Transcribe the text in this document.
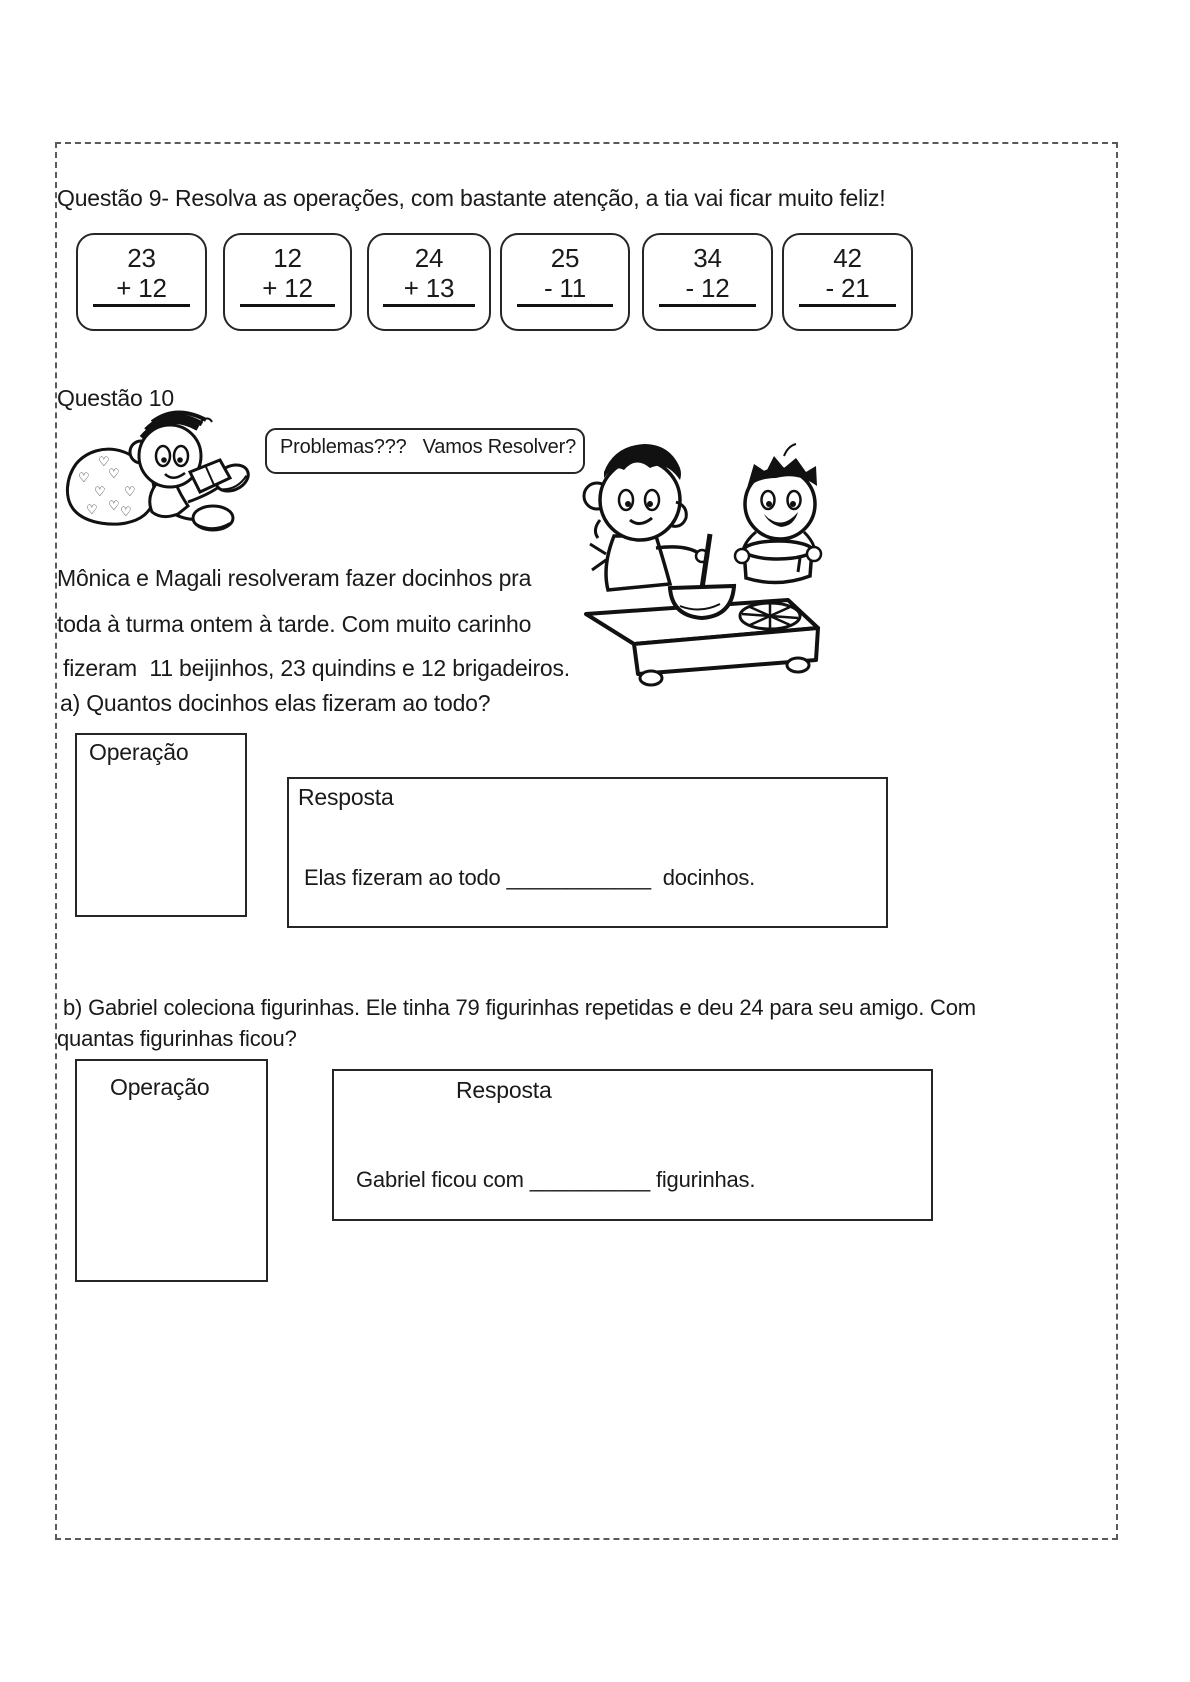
Questão 9- Resolva as operações, com bastante atenção, a tia vai ficar muito feliz!
23
+ 12
12
+ 12
24
+ 13
25
- 11
34
- 12
42
- 21
Questão 10
♡
♡
♡
♡ ♡
♡
♡
♡
Problemas???   Vamos Resolver?
Mônica e Magali resolveram fazer docinhos pra
toda à turma ontem à tarde. Com muito carinho
fizeram  11 beijinhos, 23 quindins e 12 brigadeiros.
a) Quantos docinhos elas fizeram ao todo?
Operação
Resposta
Elas fizeram ao todo ____________  docinhos.
b) Gabriel coleciona figurinhas. Ele tinha 79 figurinhas repetidas e deu 24 para seu amigo. Com
quantas figurinhas ficou?
Operação	Resposta
Gabriel ficou com __________ figurinhas.
